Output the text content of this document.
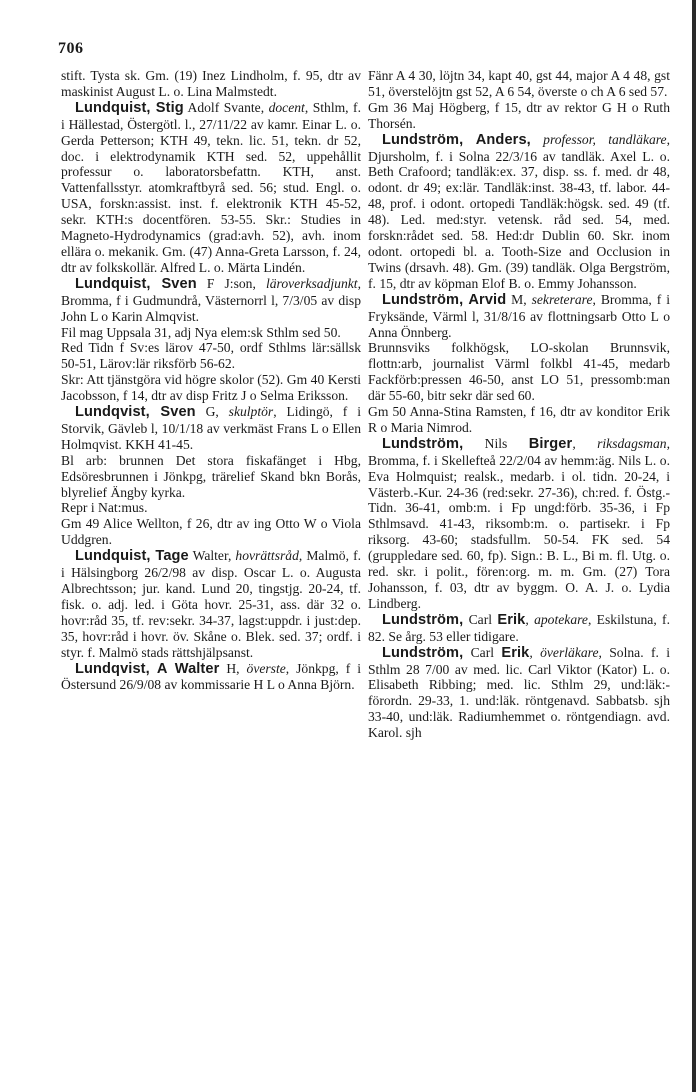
706

stift. Tysta sk. Gm. (19) Inez Lindholm, f. 95, dtr av maskinist August L. o. Lina Malmstedt.

Lundquist, Stig Adolf Svante, docent, Sthlm, f. i Hällestad, Östergötl. l., 27/11/22 av kamr. Einar L. o. Gerda Petterson; KTH 49, tekn. lic. 51, tekn. dr 52, doc. i elektrodynamik KTH sed. 52, uppehållit professur o. laboratorsbefattn. KTH, anst. Vattenfallsstyr. atomkraftbyrå sed. 56; stud. Engl. o. USA, forskn:assist. inst. f. elektronik KTH 45-52, sekr. KTH:s docentfören. 53-55. Skr.: Studies in Magneto-Hydrodynamics (grad:avh. 52), avh. inom ellära o. mekanik. Gm. (47) Anna-Greta Larsson, f. 24, dtr av folkskollär. Alfred L. o. Märta Lindén.

Lundquist, Sven F J:son, läroverksadjunkt, Bromma, f i Gudmundrå, Västernorrl l, 7/3/05 av disp John L o Karin Almqvist.

Fil mag Uppsala 31, adj Nya elem:sk Sthlm sed 50.

Red Tidn f Sv:es lärov 47-50, ordf Sthlms lär:sällsk 50-51, Lärov:lär riksförb 56-62.

Skr: Att tjänstgöra vid högre skolor (52). Gm 40 Kersti Jacobsson, f 14, dtr av disp Fritz J o Selma Eriksson.

Lundqvist, Sven G, skulptör, Lidingö, f i Storvik, Gävleb l, 10/1/18 av verkmäst Frans L o Ellen Holmqvist. KKH 41-45.

Bl arb: brunnen Det stora fiskafänget i Hbg, Edsöresbrunnen i Jönkpg, trärelief Skand bkn Borås, blyrelief Ängby kyrka.

Repr i Nat:mus.

Gm 49 Alice Wellton, f 26, dtr av ing Otto W o Viola Uddgren.

Lundquist, Tage Walter, hovrättsråd, Malmö, f. i Hälsingborg 26/2/98 av disp. Oscar L. o. Augusta Albrechtsson; jur. kand. Lund 20, tingstjg. 20-24, tf. fisk. o. adj. led. i Göta hovr. 25-31, ass. där 32 o. hovr:råd 35, tf. rev:sekr. 34-37, lagst:uppdr. i just:dep. 35, hovr:råd i hovr. öv. Skåne o. Blek. sed. 37; ordf. i styr. f. Malmö stads rättshjälpsanst.

Lundqvist, A Walter H, överste, Jönkpg, f i Östersund 26/9/08 av kommissarie H L o Anna Björn.

Fänr A 4 30, löjtn 34, kapt 40, gst 44, major A 4 48, gst 51, överstelöjtn gst 52, A 6 54, överste o ch A 6 sed 57.

Gm 36 Maj Högberg, f 15, dtr av rektor G H o Ruth Thorsén.

Lundström, Anders, professor, tandläkare, Djursholm, f. i Solna 22/3/16 av tandläk. Axel L. o. Beth Crafoord; tandläk:ex. 37, disp. ss. f. med. dr 48, odont. dr 49; ex:lär. Tandläk:inst. 38-43, tf. labor. 44-48, prof. i odont. ortopedi Tandläk:högsk. sed. 49 (tf. 48). Led. med:styr. vetensk. råd sed. 54, med. forskn:rådet sed. 58. Hed:dr Dublin 60. Skr. inom odont. ortopedi bl. a. Tooth-Size and Occlusion in Twins (drsavh. 48). Gm. (39) tandläk. Olga Bergström, f. 15, dtr av köpman Elof B. o. Emmy Johansson.

Lundström, Arvid M, sekreterare, Bromma, f i Fryksände, Värml l, 31/8/16 av flottningsarb Otto L o Anna Önnberg.

Brunnsviks folkhögsk, LO-skolan Brunnsvik, flottn:arb, journalist Värml folkbl 41-45, medarb Fackförb:pressen 46-50, anst LO 51, pressomb:man där 55-60, bitr sekr där sed 60.

Gm 50 Anna-Stina Ramsten, f 16, dtr av konditor Erik R o Maria Nimrod.

Lundström, Nils Birger, riksdagsman, Bromma, f. i Skellefteå 22/2/04 av hemm:äg. Nils L. o. Eva Holmquist; realsk., medarb. i ol. tidn. 20-24, i Västerb.-Kur. 24-36 (red:sekr. 27-36), ch:red. f. Östg.-Tidn. 36-41, omb:m. i Fp ungd:förb. 35-36, i Fp Sthlmsavd. 41-43, riksomb:m. o. partisekr. i Fp riksorg. 43-60; stadsfullm. 50-54. FK sed. 54 (gruppledare sed. 60, fp). Sign.: B. L., Bi m. fl. Utg. o. red. skr. i polit., fören:org. m. m. Gm. (27) Tora Johansson, f. 03, dtr av byggm. O. A. J. o. Lydia Lindberg.

Lundström, Carl Erik, apotekare, Eskilstuna, f. 82. Se årg. 53 eller tidigare.

Lundström, Carl Erik, överläkare, Solna. f. i Sthlm 28 7/00 av med. lic. Carl Viktor (Kator) L. o. Elisabeth Ribbing; med. lic. Sthlm 29, und:läk:-förordn. 29-33, 1. und:läk. röntgenavd. Sabbatsb. sjh 33-40, und:läk. Radiumhemmet o. röntgendiagn. avd. Karol. sjh
